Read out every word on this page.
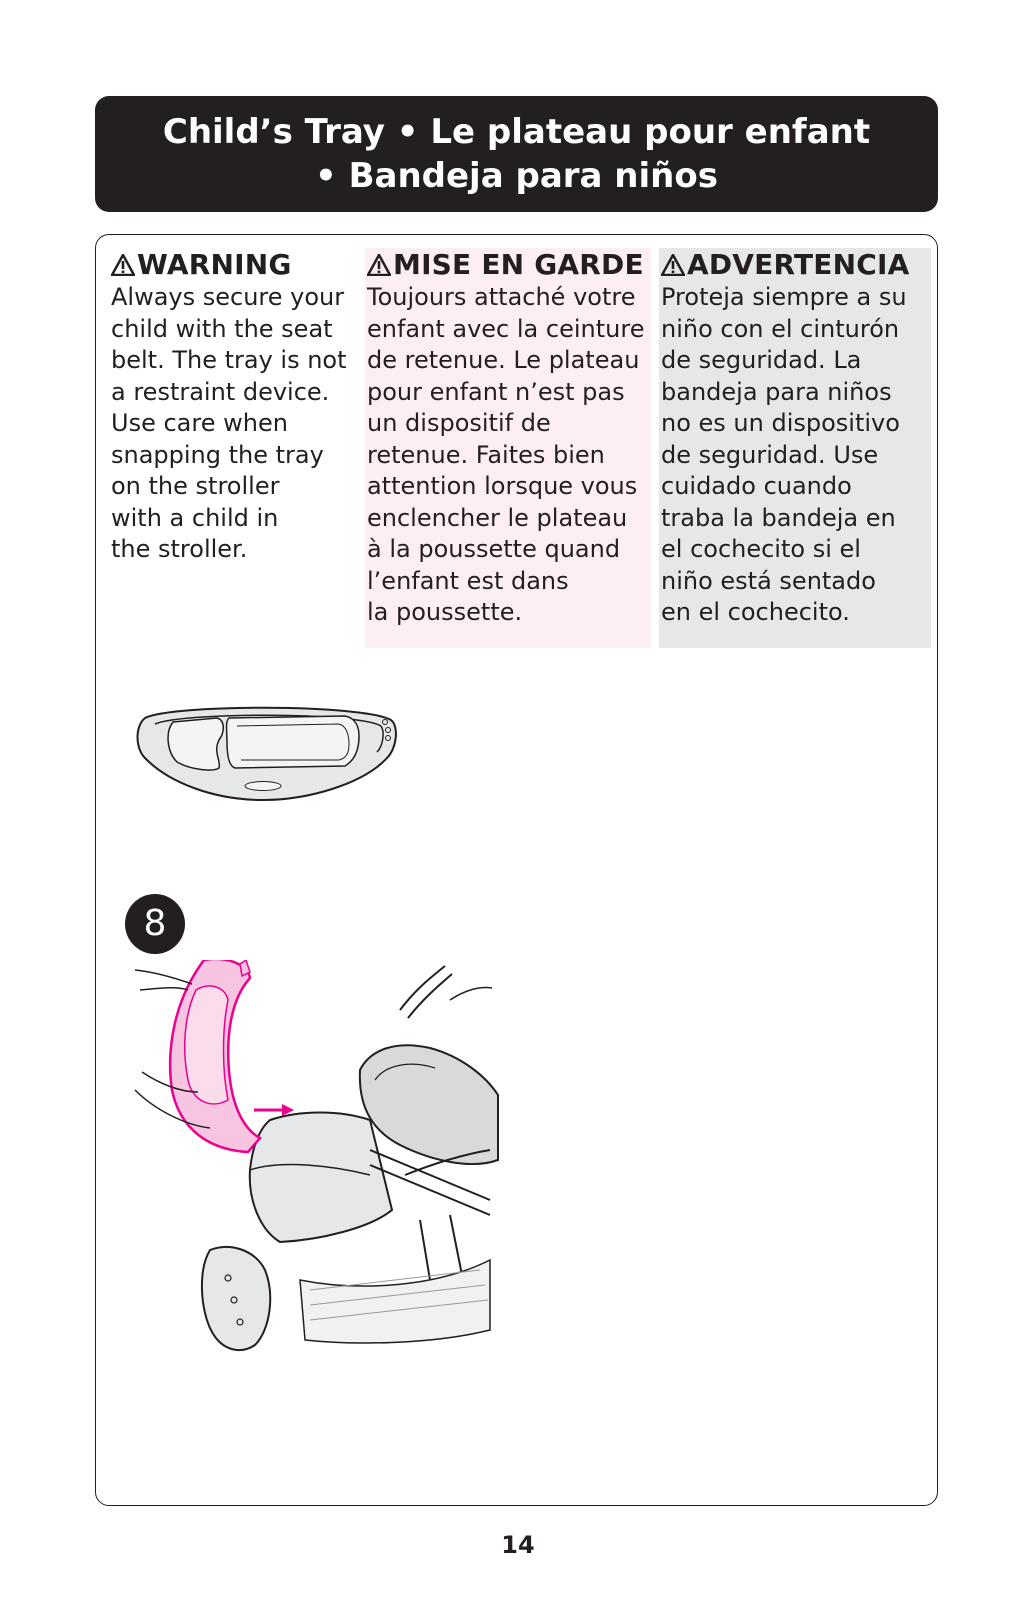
Child’s Tray • Le plateau pour enfant
• Bandeja para niños
WARNING
Always secure your
child with the seat
belt. The tray is not
a restraint device.
Use care when
snapping the tray
on the stroller
with a child in
the stroller.
MISE EN GARDE
Toujours attaché votre
enfant avec la ceinture
de retenue. Le plateau
pour enfant n’est pas
un dispositif de
retenue. Faites bien
attention lorsque vous
enclencher le plateau
à la poussette quand
l’enfant est dans
la poussette.
ADVERTENCIA
Proteja siempre a su
niño con el cinturón
de seguridad. La
bandeja para niños
no es un dispositivo
de seguridad. Use
cuidado cuando
traba la bandeja en
el cochecito si el
niño está sentado
en el cochecito.
8
14
